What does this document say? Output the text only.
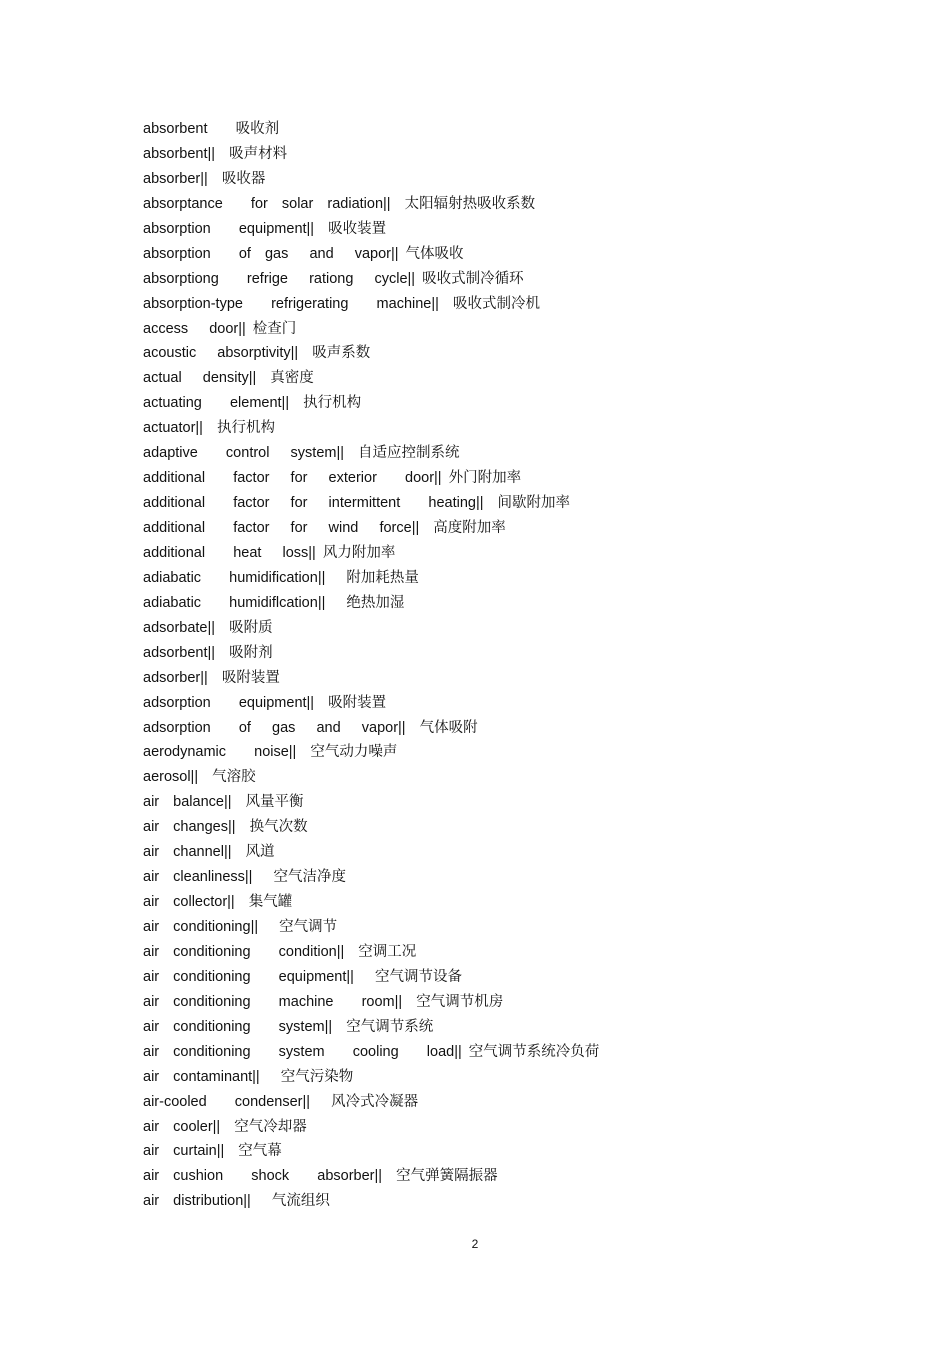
absorbent    吸收剂
absorbent||  吸声材料
absorber||  吸收器
absorptance    for  solar  radiation||  太阳辐射热吸收系数
absorption    equipment||  吸收装置
absorption    of  gas   and   vapor|| 气体吸收
absorptiong    refrige   rationg   cycle|| 吸收式制冷循环
absorption-type    refrigerating    machine||  吸收式制冷机
access   door|| 检查门
acoustic   absorptivity||  吸声系数
actual   density||  真密度
actuating    element||  执行机构
actuator||  执行机构
adaptive    control   system||  自适应控制系统
additional    factor   for   exterior    door|| 外门附加率
additional    factor   for   intermittent    heating||  间歇附加率
additional    factor   for   wind   force||  高度附加率
additional    heat   loss|| 风力附加率
adiabatic    humidification||   附加耗热量
adiabatic    humidiflcation||   绝热加湿
adsorbate||  吸附质
adsorbent||  吸附剂
adsorber||  吸附装置
adsorption    equipment||  吸附装置
adsorption    of   gas   and   vapor||  气体吸附
aerodynamic    noise||  空气动力噪声
aerosol||  气溶胶
air  balance||  风量平衡
air  changes||  换气次数
air  channel||  风道
air  cleanliness||   空气洁净度
air  collector||  集气罐
air  conditioning||   空气调节
air  conditioning    condition||  空调工况
air  conditioning    equipment||   空气调节设备
air  conditioning    machine    room||  空气调节机房
air  conditioning    system||  空气调节系统
air  conditioning    system    cooling    load|| 空气调节系统冷负荷
air  contaminant||   空气污染物
air-cooled    condenser||   风冷式冷凝器
air  cooler||  空气冷却器
air  curtain||  空气幕
air  cushion    shock    absorber||  空气弹簧隔振器
air  distribution||   气流组织
2
